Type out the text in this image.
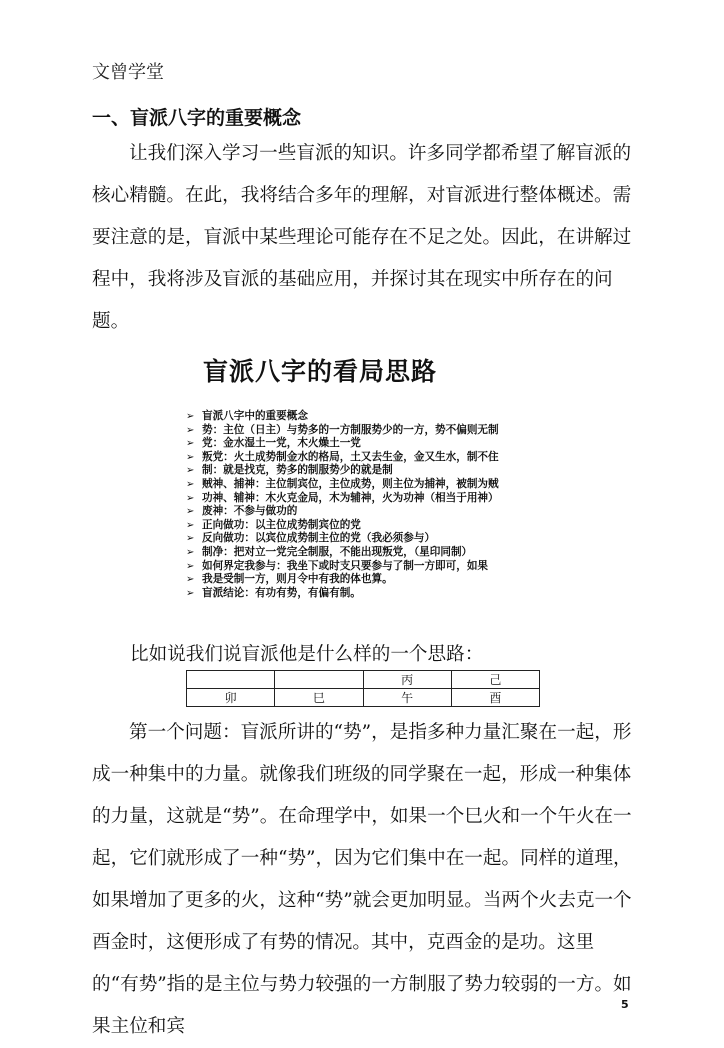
文曾学堂
一、盲派八字的重要概念

让我们深入学习一些盲派的知识。许多同学都希望了解盲派的核心精髓。在此，我将结合多年的理解，对盲派进行整体概述。需要注意的是，盲派中某些理论可能存在不足之处。因此，在讲解过程中，我将涉及盲派的基础应用，并探讨其在现实中所存在的问题。

盲派八字的看局思路
➢ 盲派八字中的重要概念
➢ 势：主位（日主）与势多的一方制服势少的一方，势不偏则无制
➢ 党：金水湿土一党，木火燥土一党
➢ 叛党：火土成势制金水的格局，土又去生金，金又生水，制不住
➢ 制：就是找克，势多的制服势少的就是制
➢ 贼神、捕神：主位制宾位，主位成势，则主位为捕神，被制为贼
➢ 功神、辅神：木火克金局，木为辅神，火为功神（相当于用神）
➢ 废神：不参与做功的
➢ 正向做功：以主位成势制宾位的党
➢ 反向做功：以宾位成势制主位的党（我必须参与）
➢ 制净：把对立一党完全制服，不能出现叛党，（星印同制）
➢ 如何界定我参与：我坐下或时支只要参与了制一方即可，如果
➢ 我是受制一方，则月令中有我的体也算。
➢ 盲派结论：有功有势，有偏有制。
比如说我们说盲派他是什么样的一个思路：
		丙	己
卯	巳	午	酉

第一个问题：盲派所讲的“势”，是指多种力量汇聚在一起，形成一种集中的力量。就像我们班级的同学聚在一起，形成一种集体的力量，这就是“势”。在命理学中，如果一个巳火和一个午火在一起，它们就形成了一种“势”，因为它们集中在一起。同样的道理，如果增加了更多的火，这种“势”就会更加明显。当两个火去克一个酉金时，这便形成了有势的情况。其中，克酉金的是功。这里的“有势”指的是主位与势力较强的一方制服了势力较弱的一方。如果主位和宾

5
